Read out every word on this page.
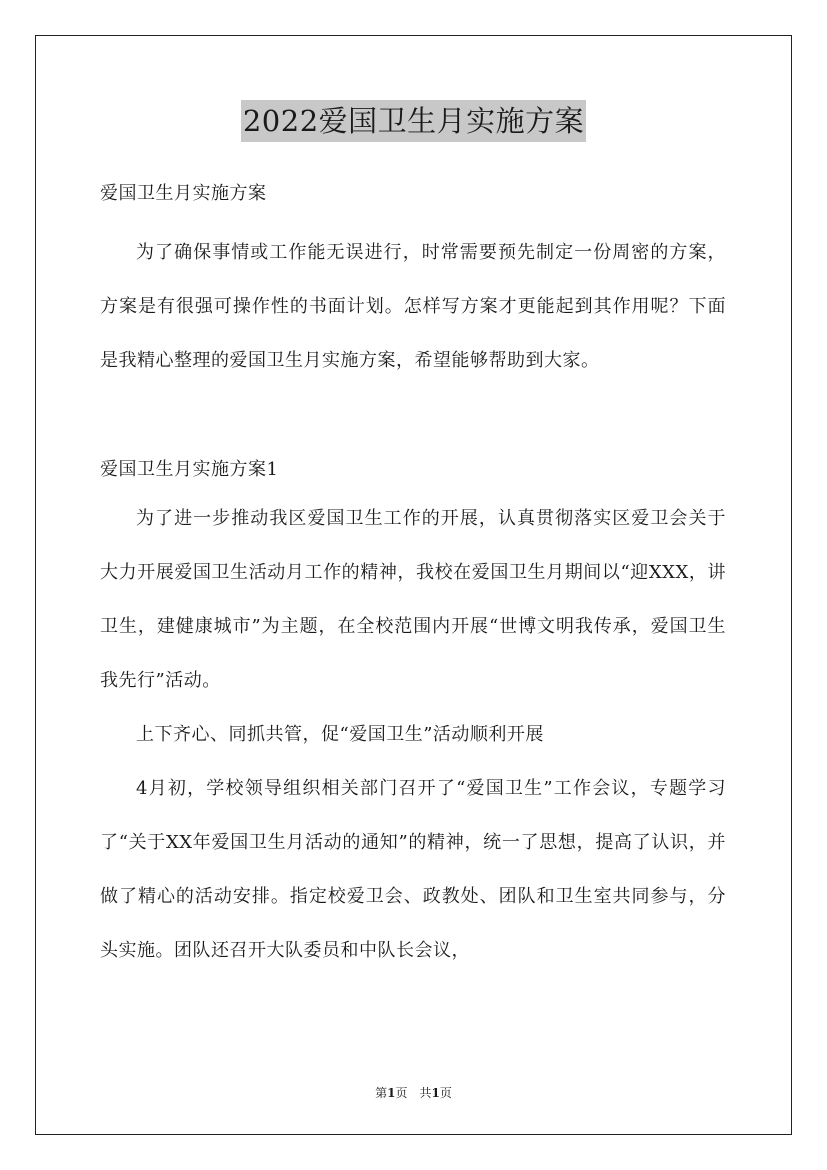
2022爱国卫生月实施方案

爱国卫生月实施方案

为了确保事情或工作能无误进行，时常需要预先制定一份周密的方案，方案是有很强可操作性的书面计划。怎样写方案才更能起到其作用呢？下面是我精心整理的爱国卫生月实施方案，希望能够帮助到大家。

爱国卫生月实施方案1

为了进一步推动我区爱国卫生工作的开展，认真贯彻落实区爱卫会关于大力开展爱国卫生活动月工作的精神，我校在爱国卫生月期间以“迎XXX，讲卫生，建健康城市”为主题，在全校范围内开展“世博文明我传承，爱国卫生我先行”活动。

上下齐心、同抓共管，促“爱国卫生”活动顺利开展

4月初，学校领导组织相关部门召开了“爱国卫生”工作会议，专题学习了“关于XX年爱国卫生月活动的通知”的精神，统一了思想，提高了认识，并做了精心的活动安排。指定校爱卫会、政教处、团队和卫生室共同参与，分头实施。团队还召开大队委员和中队长会议，

第1页　共1页
